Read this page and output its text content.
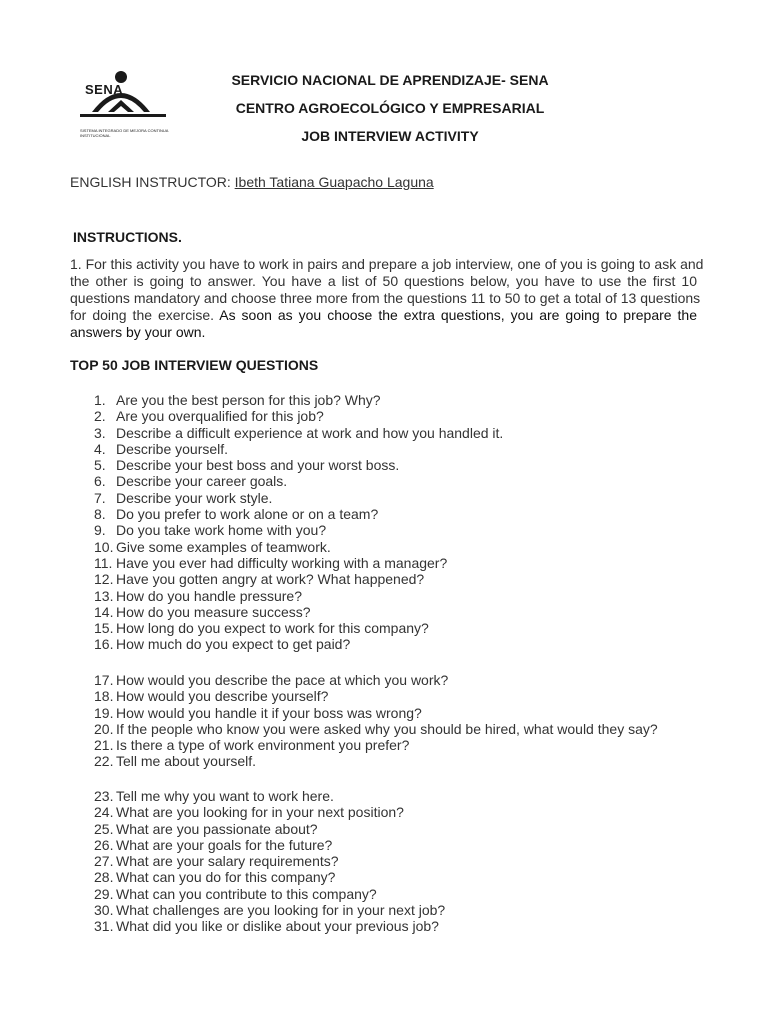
SENA
SISTEMA INTEGRADO DE MEJORA CONTINUA INSTITUCIONAL
SERVICIO NACIONAL DE APRENDIZAJE- SENA
CENTRO AGROECOLÓGICO Y EMPRESARIAL
JOB INTERVIEW ACTIVITY
ENGLISH INSTRUCTOR: Ibeth Tatiana Guapacho Laguna
INSTRUCTIONS.
1. For this activity you have to work in pairs and prepare a job interview, one of you is going to ask and
the other is going to answer. You have a list of 50 questions below, you have to use the first 10
questions mandatory and choose three more from the questions 11 to 50 to get a total of 13 questions
for doing the exercise. As soon as you choose the extra questions, you are going to prepare the
answers by your own.
TOP 50 JOB INTERVIEW QUESTIONS
1. Are you the best person for this job? Why?
2. Are you overqualified for this job?
3. Describe a difficult experience at work and how you handled it.
4. Describe yourself.
5. Describe your best boss and your worst boss.
6. Describe your career goals.
7. Describe your work style.
8. Do you prefer to work alone or on a team?
9. Do you take work home with you?
10. Give some examples of teamwork.
11. Have you ever had difficulty working with a manager?
12. Have you gotten angry at work? What happened?
13. How do you handle pressure?
14. How do you measure success?
15. How long do you expect to work for this company?
16. How much do you expect to get paid?
17. How would you describe the pace at which you work?
18. How would you describe yourself?
19. How would you handle it if your boss was wrong?
20. If the people who know you were asked why you should be hired, what would they say?
21. Is there a type of work environment you prefer?
22. Tell me about yourself.
23. Tell me why you want to work here.
24. What are you looking for in your next position?
25. What are you passionate about?
26. What are your goals for the future?
27. What are your salary requirements?
28. What can you do for this company?
29. What can you contribute to this company?
30. What challenges are you looking for in your next job?
31. What did you like or dislike about your previous job?
